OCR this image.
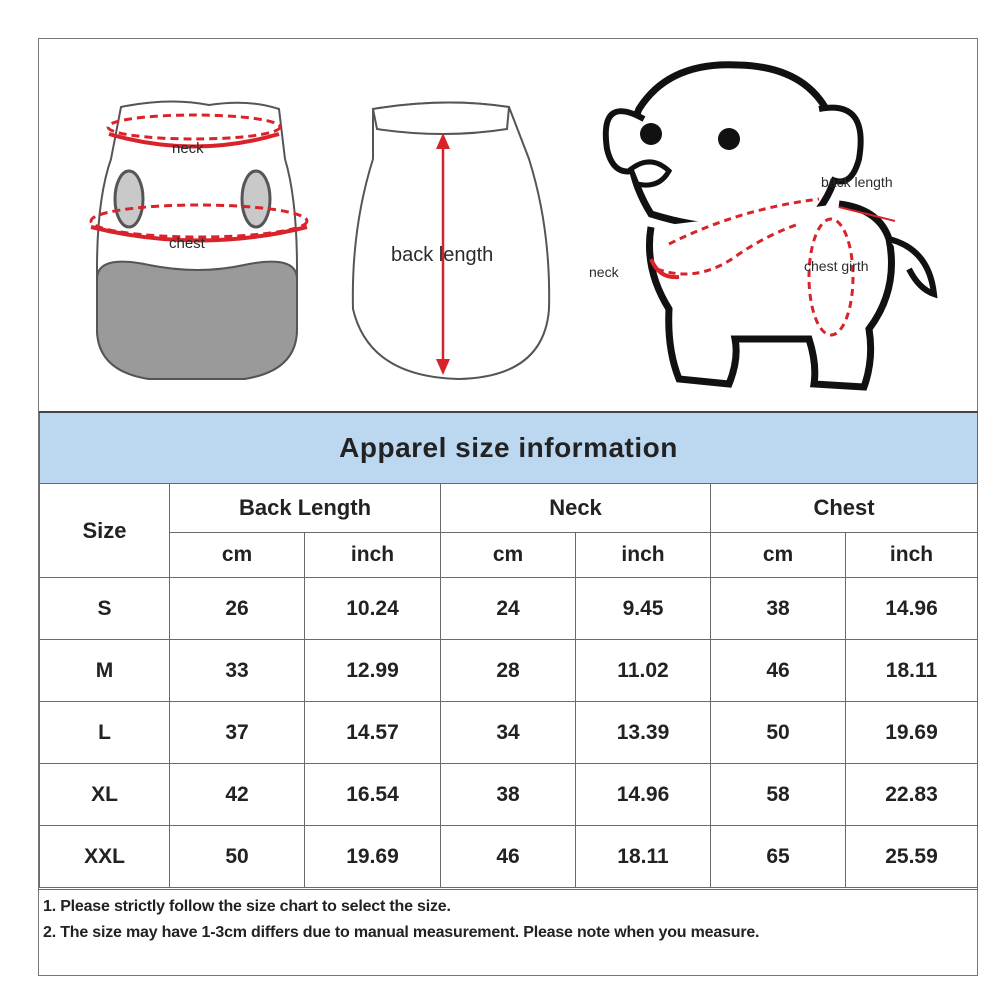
neck
chest
back length
back length
neck	chest girth
Apparel size information						
Size	Back Length		Neck		Chest	
	cm	inch	cm	inch	cm	inch
S	26	10.24	24	9.45	38	14.96
M	33	12.99	28	11.02	46	18.11
L	37	14.57	34	13.39	50	19.69
XL	42	16.54	38	14.96	58	22.83
XXL	50	19.69	46	18.11	65	25.59
1. Please strictly follow the size chart to select the size.
2. The size may have 1-3cm differs due to manual measurement. Please note when you measure.
